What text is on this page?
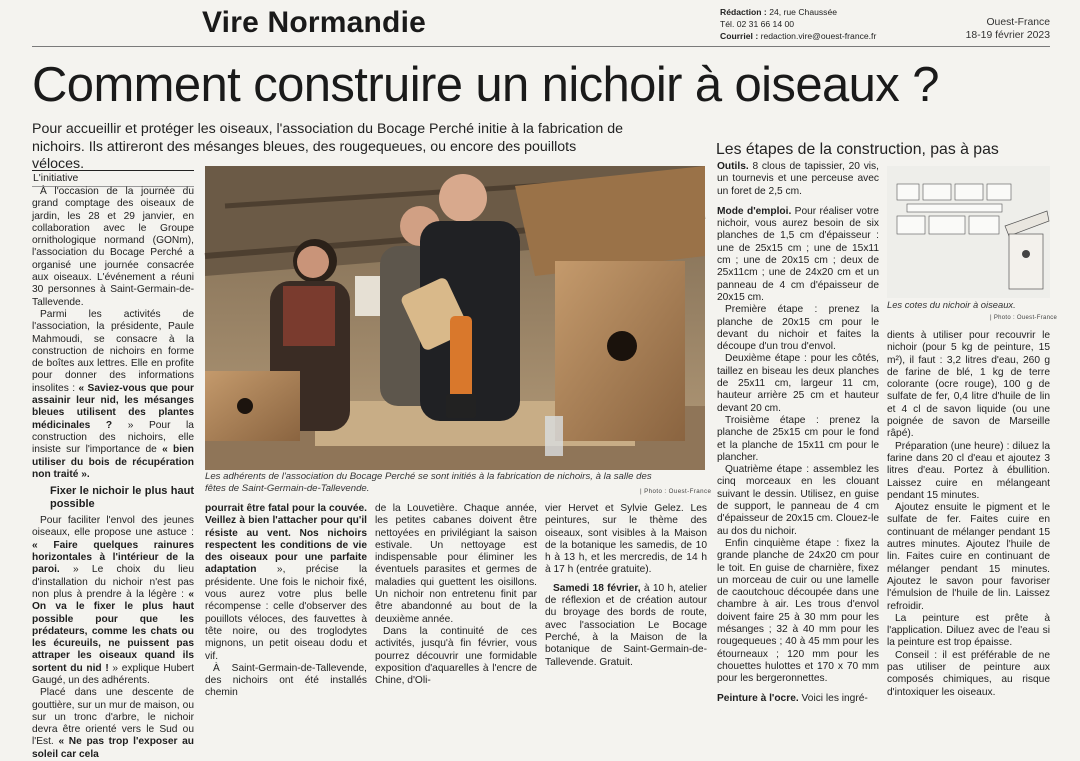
Vire Normandie	Rédaction : 24, rue Chaussée
Tél. 02 31 66 14 00
Courriel : redaction.vire@ouest-france.fr
Ouest-France
18-19 février 2023
Comment construire un nichoir à oiseaux ?

Pour accueillir et protéger les oiseaux, l'association du Bocage Perché initie à la fabrication de nichoirs. Ils attireront des mésanges bleues, des rougequeues, ou encore des pouillots véloces.

Les étapes de la construction, pas à pas
L'initiative

À l'occasion de la journée du grand comptage des oiseaux de jardin, les 28 et 29 janvier, en collaboration avec le Groupe ornithologique normand (GONm), l'association du Bocage Perché a organisé une journée consacrée aux oiseaux. L'événement a réuni 30 personnes à Saint-Germain-de-Tallevende.

Parmi les activités de l'association, la présidente, Paule Mahmoudi, se consacre à la construction de nichoirs en forme de boîtes aux lettres. Elle en profite pour donner des informations insolites : « Saviez-vous que pour assainir leur nid, les mésanges bleues utilisent des plantes médicinales ? » Pour la construction des nichoirs, elle insiste sur l'importance de « bien utiliser du bois de récupération non traité ».

Fixer le nichoir le plus haut possible

Pour faciliter l'envol des jeunes oiseaux, elle propose une astuce : « Faire quelques rainures horizontales à l'intérieur de la paroi. » Le choix du lieu d'installation du nichoir n'est pas non plus à prendre à la légère : « On va le fixer le plus haut possible pour que les prédateurs, comme les chats ou les écureuils, ne puissent pas attraper les oiseaux quand ils sortent du nid ! » explique Hubert Gaugé, un des adhérents.

Placé dans une descente de gouttière, sur un mur de maison, ou sur un tronc d'arbre, le nichoir devra être orienté vers le Sud ou l'Est. « Ne pas trop l'exposer au soleil car cela

Les adhérents de l'association du Bocage Perché se sont initiés à la fabrication de nichoirs, à la salle des fêtes de Saint-Germain-de-Tallevende.	| Photo : Ouest-France

pourrait être fatal pour la couvée. Veillez à bien l'attacher pour qu'il résiste au vent. Nos nichoirs respectent les conditions de vie des oiseaux pour une parfaite adaptation », précise la présidente. Une fois le nichoir fixé, vous aurez votre plus belle récompense : celle d'observer des pouillots véloces, des fauvettes à tête noire, ou des troglodytes mignons, un petit oiseau dodu et vif.

À Saint-Germain-de-Tallevende, des nichoirs ont été installés chemin

de la Louvetière. Chaque année, les petites cabanes doivent être nettoyées en privilégiant la saison estivale. Un nettoyage est indispensable pour éliminer les éventuels parasites et germes de maladies qui guettent les oisillons. Un nichoir non entretenu finit par être abandonné au bout de la deuxième année.

Dans la continuité de ces activités, jusqu'à fin février, vous pourrez découvrir une formidable exposition d'aquarelles à l'encre de Chine, d'Oli-

vier Hervet et Sylvie Gelez. Les peintures, sur le thème des oiseaux, sont visibles à la Maison de la botanique les samedis, de 10 h à 13 h, et les mercredis, de 14 h à 17 h (entrée gratuite).

Samedi 18 février, à 10 h, atelier de réflexion et de création autour du broyage des bords de route, avec l'association Le Bocage Perché, à la Maison de la botanique de Saint-Germain-de-Tallevende. Gratuit.

Outils. 8 clous de tapissier, 20 vis, un tournevis et une perceuse avec un foret de 2,5 cm.

Mode d'emploi. Pour réaliser votre nichoir, vous aurez besoin de six planches de 1,5 cm d'épaisseur : une de 25x15 cm ; une de 15x11 cm ; une de 20x15 cm ; deux de 25x11cm ; une de 24x20 cm et un panneau de 4 cm d'épaisseur de 20x15 cm.

Première étape : prenez la planche de 20x15 cm pour le devant du nichoir et faites la découpe d'un trou d'envol.

Deuxième étape : pour les côtés, taillez en biseau les deux planches de 25x11 cm, largeur 11 cm, hauteur arrière 25 cm et hauteur devant 20 cm.

Troisième étape : prenez la planche de 25x15 cm pour le fond et la planche de 15x11 cm pour le plancher.

Quatrième étape : assemblez les cinq morceaux en les clouant suivant le dessin. Utilisez, en guise de support, le panneau de 4 cm d'épaisseur de 20x15 cm. Clouez-le au dos du nichoir.

Enfin cinquième étape : fixez la grande planche de 24x20 cm pour le toit. En guise de charnière, fixez un morceau de cuir ou une lamelle de caoutchouc découpée dans une chambre à air. Les trous d'envol doivent faire 25 à 30 mm pour les mésanges ; 32 à 40 mm pour les rougequeues ; 40 à 45 mm pour les étourneaux ; 120 mm pour les chouettes hulottes et 170 x 70 mm pour les bergeronnettes.

Peinture à l'ocre. Voici les ingré-

Les cotes du nichoir à oiseaux.
| Photo : Ouest-France

dients à utiliser pour recouvrir le nichoir (pour 5 kg de peinture, 15 m²), il faut : 3,2 litres d'eau, 260 g de farine de blé, 1 kg de terre colorante (ocre rouge), 100 g de sulfate de fer, 0,4 litre d'huile de lin et 4 cl de savon liquide (ou une poignée de savon de Marseille râpé).

Préparation (une heure) : diluez la farine dans 20 cl d'eau et ajoutez 3 litres d'eau. Portez à ébullition. Laissez cuire en mélangeant pendant 15 minutes.

Ajoutez ensuite le pigment et le sulfate de fer. Faites cuire en continuant de mélanger pendant 15 autres minutes. Ajoutez l'huile de lin. Faites cuire en continuant de mélanger pendant 15 minutes. Ajoutez le savon pour favoriser l'émulsion de l'huile de lin. Laissez refroidir.

La peinture est prête à l'application. Diluez avec de l'eau si la peinture est trop épaisse.

Conseil : il est préférable de ne pas utiliser de peinture aux composés chimiques, au risque d'intoxiquer les oiseaux.
